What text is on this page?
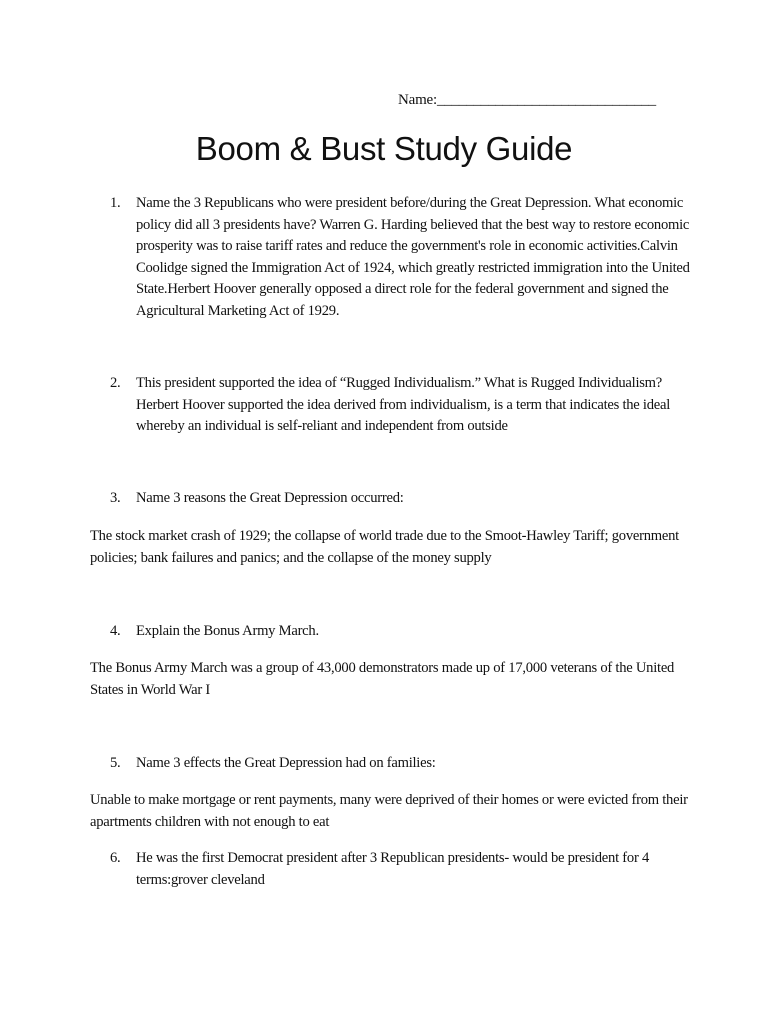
Name:______________________________
Boom & Bust Study Guide
1.	Name the 3 Republicans who were president before/during the Great Depression. What economic policy did all 3 presidents have? Warren G. Harding believed that the best way to restore economic prosperity was to raise tariff rates and reduce the government's role in economic activities.Calvin Coolidge signed the Immigration Act of 1924, which greatly restricted immigration into the United State.Herbert Hoover generally opposed a direct role for the federal government and signed the Agricultural Marketing Act of 1929.
2.	This president supported the idea of “Rugged Individualism.” What is Rugged Individualism?Herbert Hoover supported the idea derived from individualism, is a term that indicates the ideal whereby an individual is self-reliant and independent from outside
3.	Name 3 reasons the Great Depression occurred:
The stock market crash of 1929; the collapse of world trade due to the Smoot-Hawley Tariff; government policies; bank failures and panics; and the collapse of the money supply
4.	Explain the Bonus Army March.
The Bonus Army March was a group of 43,000 demonstrators made up of 17,000 veterans of the United States in World War I
5.	Name 3 effects the Great Depression had on families:
Unable to make mortgage or rent payments, many were deprived of their homes or were evicted from their apartments children with not enough to eat
6.	He was the first Democrat president after 3 Republican presidents- would be president for 4 terms:grover cleveland
